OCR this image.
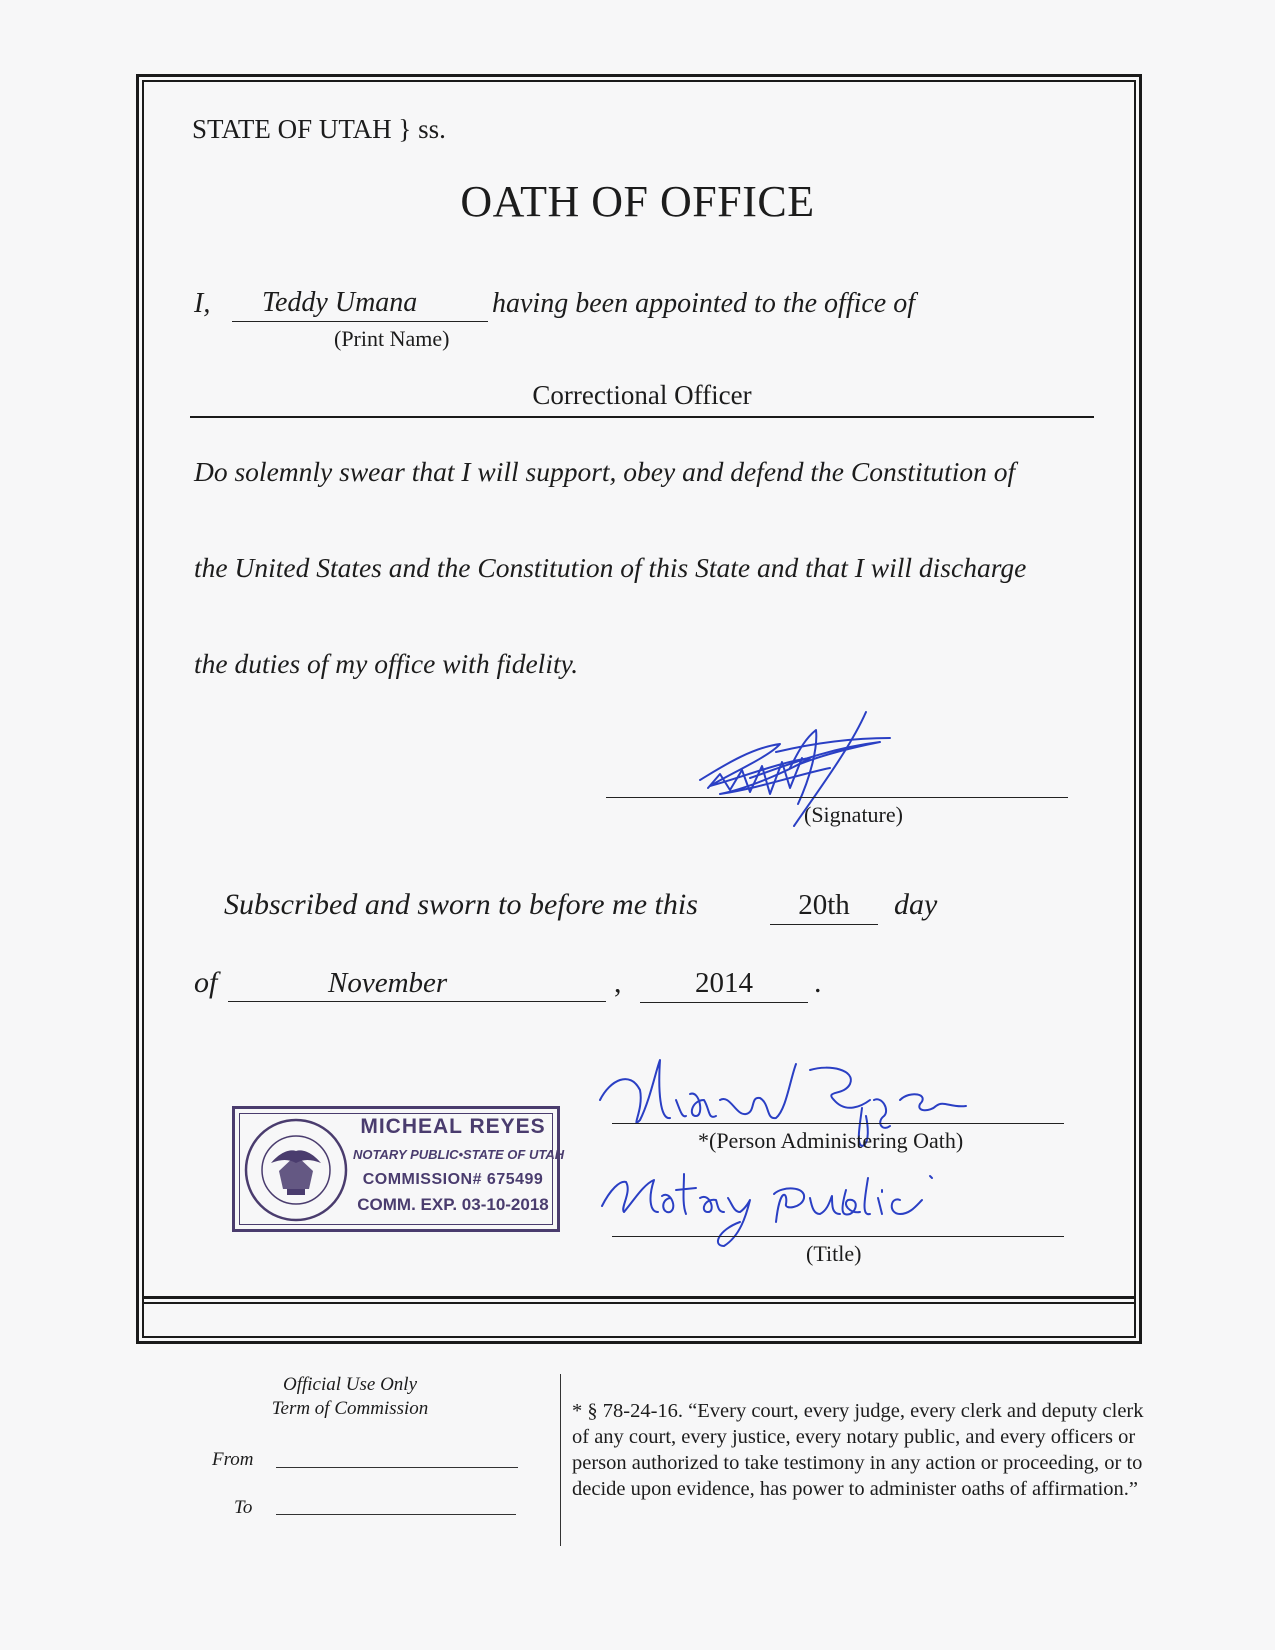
STATE OF UTAH } ss.
OATH OF OFFICE
I,	Teddy Umana	having been appointed to the office of
(Print Name)
Correctional Officer
Do solemnly swear that I will support, obey and defend the Constitution of
the United States and the Constitution of this State and that I will discharge
the duties of my office with fidelity.
(Signature)
Subscribed and sworn to before me this	20th	day
of	November	,	2014	.
MICHEAL REYES
NOTARY PUBLIC•STATE OF UTAH
COMMISSION# 675499
COMM. EXP. 03-10-2018
*(Person Administering Oath)
(Title)
Official Use Only
Term of Commission
From
To
* § 78-24-16. “Every court, every judge, every clerk and deputy clerk of any court, every justice, every notary public, and every officers or person authorized to take testimony in any action or proceeding, or to decide upon evidence, has power to administer oaths of affirmation.”
